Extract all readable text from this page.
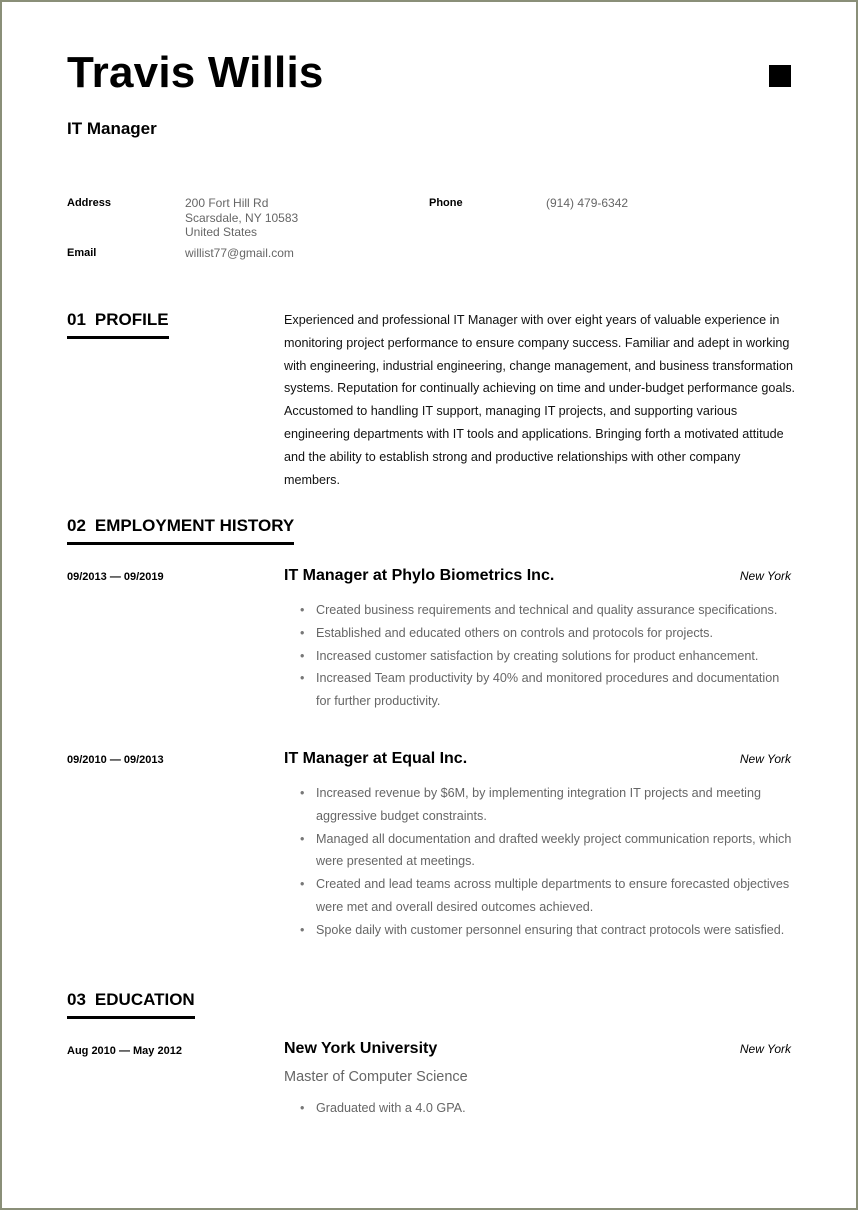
Travis Willis
IT Manager
Address	200 Fort Hill Rd
Scarsdale, NY 10583
United States
Phone	(914) 479-6342
Email	willist77@gmail.com
01 PROFILE	Experienced and professional IT Manager with over eight years of valuable experience in monitoring project performance to ensure company success. Familiar and adept in working with engineering, industrial engineering, change management, and business transformation systems. Reputation for continually achieving on time and under-budget performance goals. Accustomed to handling IT support, managing IT projects, and supporting various engineering departments with IT tools and applications. Bringing forth a motivated attitude and the ability to establish strong and productive relationships with other company members.
02 EMPLOYMENT HISTORY
09/2013 — 09/2019	IT Manager at Phylo Biometrics Inc.	New York
• Created business requirements and technical and quality assurance specifications.
• Established and educated others on controls and protocols for projects.
• Increased customer satisfaction by creating solutions for product enhancement.
• Increased Team productivity by 40% and monitored procedures and documentation for further productivity.
09/2010 — 09/2013	IT Manager at Equal Inc.	New York
• Increased revenue by $6M, by implementing integration IT projects and meeting aggressive budget constraints.
• Managed all documentation and drafted weekly project communication reports, which were presented at meetings.
• Created and lead teams across multiple departments to ensure forecasted objectives were met and overall desired outcomes achieved.
• Spoke daily with customer personnel ensuring that contract protocols were satisfied.
03 EDUCATION
Aug 2010 — May 2012	New York University	New York
Master of Computer Science
• Graduated with a 4.0 GPA.
